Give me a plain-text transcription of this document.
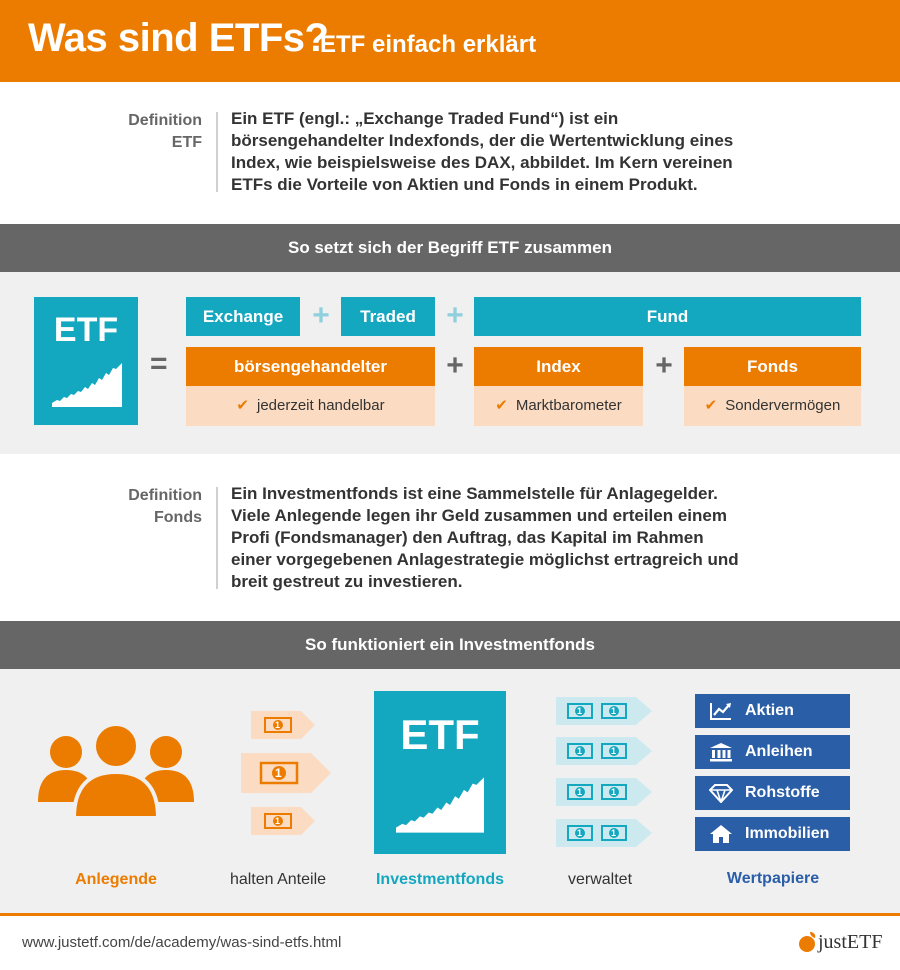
Was sind ETFs?
ETF einfach erklärt
Definition
ETF
Ein ETF (engl.: „Exchange Traded Fund“) ist ein
börsengehandelter Indexfonds, der die Wertentwicklung eines
Index, wie beispielsweise des DAX, abbildet. Im Kern vereinen
ETFs die Vorteile von Aktien und Fonds in einem Produkt.
So setzt sich der Begriff ETF zusammen
ETF
=
Exchange +	Traded	+	Fund
börsengehandelter	+	Index	+	Fonds
✔ jederzeit handelbar	✔ Marktbarometer	✔ Sondervermögen
Definition
Fonds
Ein Investmentfonds ist eine Sammelstelle für Anlagegelder.
Viele Anlegende legen ihr Geld zusammen und erteilen einem
Profi (Fondsmanager) den Auftrag, das Kapital im Rahmen
einer vorgegebenen Anlagestrategie möglichst ertragreich und
breit gestreut zu investieren.
So funktioniert ein Investmentfonds
Anlegende
1
1
1
halten Anteile
ETF
Investmentfonds
1	1
1	1
1	1
1	1
verwaltet
Aktien
Anleihen
Rohstoffe
Immobilien
Wertpapiere
www.justetf.com/de/academy/was-sind-etfs.html	justETF
